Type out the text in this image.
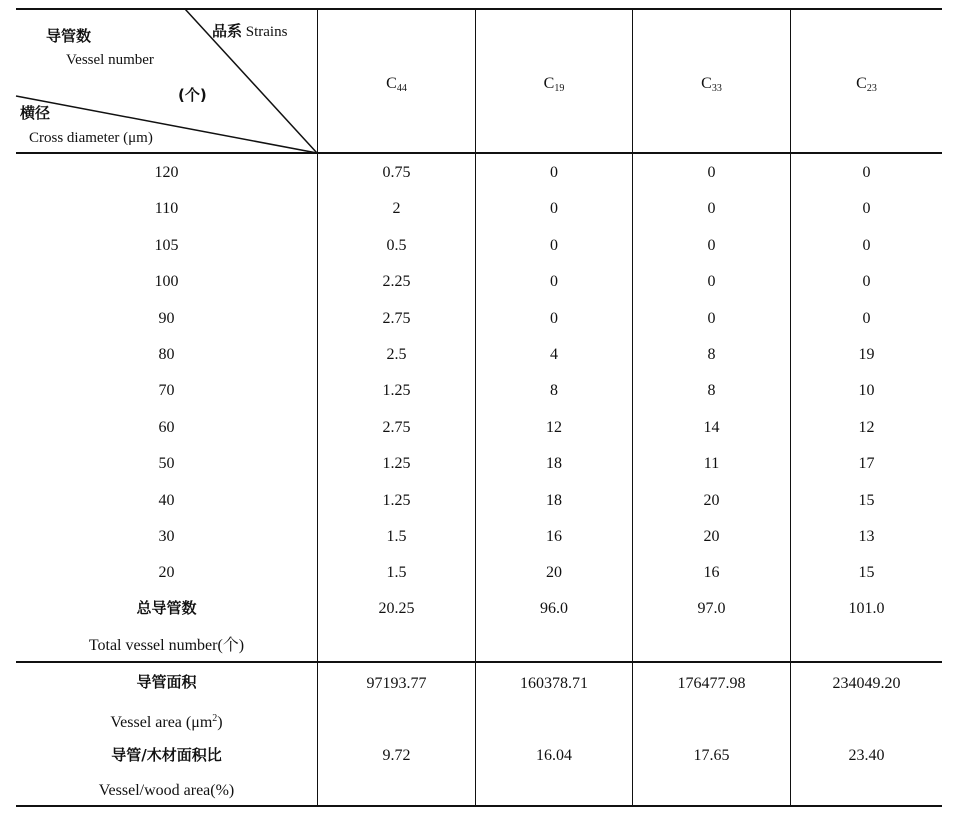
品系 Strains
导管数
Vessel number
(个)
横径
Cross diameter (μm)
$C_{44}$	$C_{19}$	$C_{33}$	$C_{23}$
120	0.75	0	0	0
110	2	0	0	0
105	0.5	0	0	0
100	2.25	0	0	0
90	2.75	0	0	0
80	2.5	4	8	19
70	1.25	8	8	10
60	2.75	12	14	12
50	1.25	18	11	17
40	1.25	18	20	15
30	1.5	16	20	13
20	1.5	20	16	15
总导管数
Total vessel number(个)
20.25	96.0	97.0	101.0
导管面积
Vessel area $(\mu m^2)$
97193.77	160378.71	176477.98	234049.20
导管/木材面积比
Vessel/wood area(%)
9.72	16.04	17.65	23.40
